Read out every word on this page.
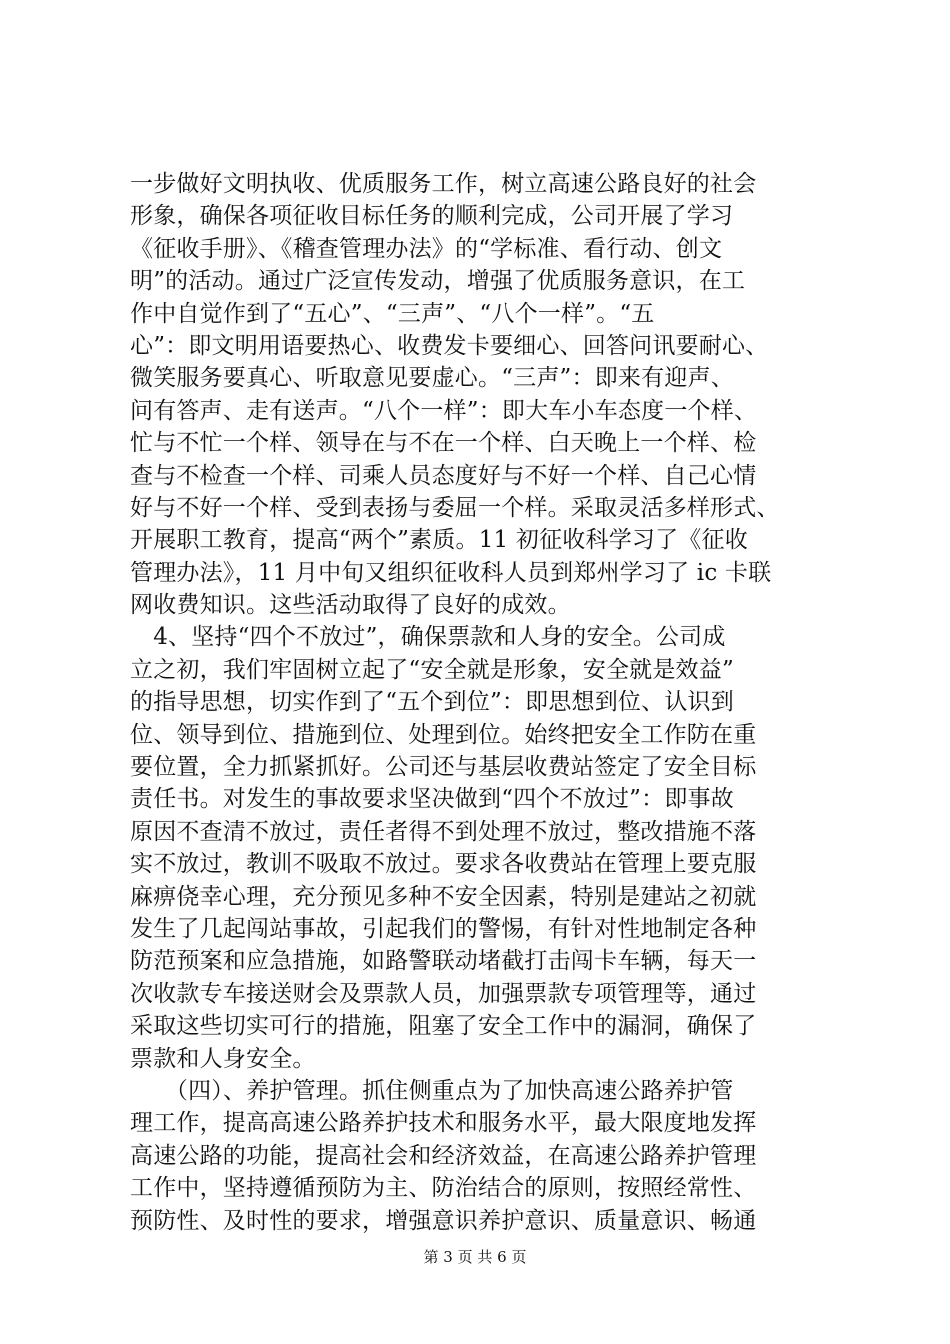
一步做好文明执收、优质服务工作，树立高速公路良好的社会
形象，确保各项征收目标任务的顺利完成，公司开展了学习
《征收手册》、《稽查管理办法》的“学标准、看行动、创文
明”的活动。通过广泛宣传发动，增强了优质服务意识，在工
作中自觉作到了“五心”、“三声”、“八个一样”。“五
心”：即文明用语要热心、收费发卡要细心、回答问讯要耐心、
微笑服务要真心、听取意见要虚心。“三声”：即来有迎声、
问有答声、走有送声。“八个一样”：即大车小车态度一个样、
忙与不忙一个样、领导在与不在一个样、白天晚上一个样、检
查与不检查一个样、司乘人员态度好与不好一个样、自己心情
好与不好一个样、受到表扬与委屈一个样。采取灵活多样形式、
开展职工教育，提高“两个”素质。11 初征收科学习了《征收
管理办法》，11 月中旬又组织征收科人员到郑州学习了 ic 卡联
网收费知识。这些活动取得了良好的成效。
　4、坚持“四个不放过”，确保票款和人身的安全。公司成
立之初，我们牢固树立起了“安全就是形象，安全就是效益”
的指导思想，切实作到了“五个到位”：即思想到位、认识到
位、领导到位、措施到位、处理到位。始终把安全工作防在重
要位置，全力抓紧抓好。公司还与基层收费站签定了安全目标
责任书。对发生的事故要求坚决做到“四个不放过”：即事故
原因不查清不放过，责任者得不到处理不放过，整改措施不落
实不放过，教训不吸取不放过。要求各收费站在管理上要克服
麻痹侥幸心理，充分预见多种不安全因素，特别是建站之初就
发生了几起闯站事故，引起我们的警惕，有针对性地制定各种
防范预案和应急措施，如路警联动堵截打击闯卡车辆，每天一
次收款专车接送财会及票款人员，加强票款专项管理等，通过
采取这些切实可行的措施，阻塞了安全工作中的漏洞，确保了
票款和人身安全。
　　（四）、养护管理。抓住侧重点为了加快高速公路养护管
理工作，提高高速公路养护技术和服务水平，最大限度地发挥
高速公路的功能，提高社会和经济效益，在高速公路养护管理
工作中，坚持遵循预防为主、防治结合的原则，按照经常性、
预防性、及时性的要求，增强意识养护意识、质量意识、畅通
第 3 页 共 6 页
